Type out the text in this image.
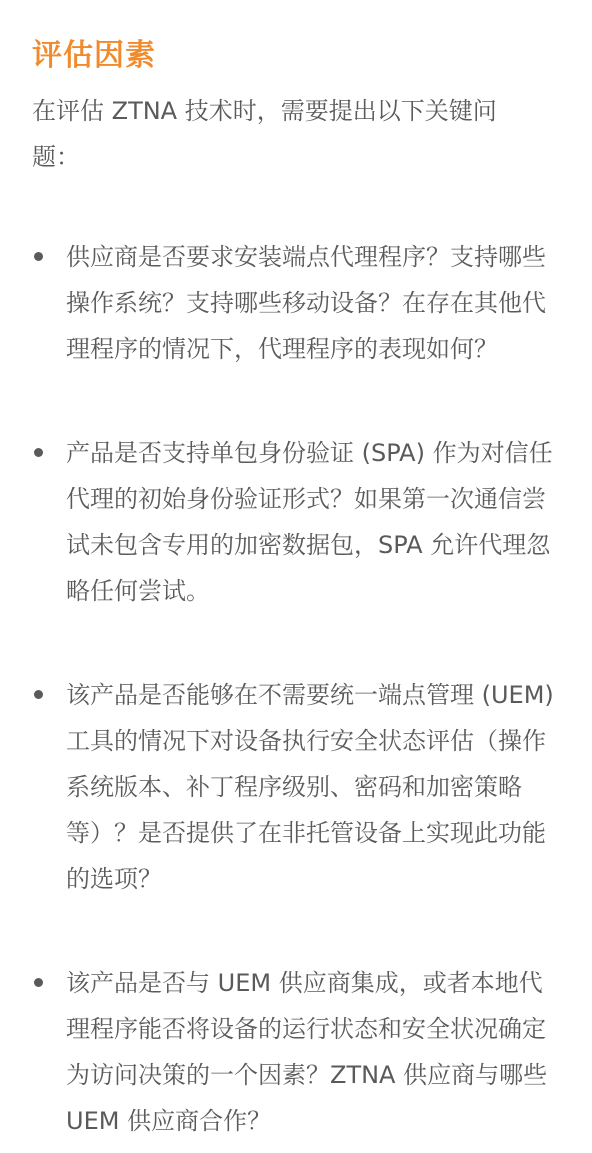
评估因素

在评估 ZTNA 技术时，需要提出以下关键问题：

供应商是否要求安装端点代理程序？支持哪些操作系统？支持哪些移动设备？在存在其他代理程序的情况下，代理程序的表现如何？
产品是否支持单包身份验证 (SPA) 作为对信任代理的初始身份验证形式？如果第一次通信尝试未包含专用的加密数据包，SPA 允许代理忽略任何尝试。
该产品是否能够在不需要统一端点管理 (UEM) 工具的情况下对设备执行安全状态评估（操作系统版本、补丁程序级别、密码和加密策略等）？是否提供了在非托管设备上实现此功能的选项？
该产品是否与 UEM 供应商集成，或者本地代理程序能否将设备的运行状态和安全状况确定为访问决策的一个因素？ZTNA 供应商与哪些 UEM 供应商合作？
